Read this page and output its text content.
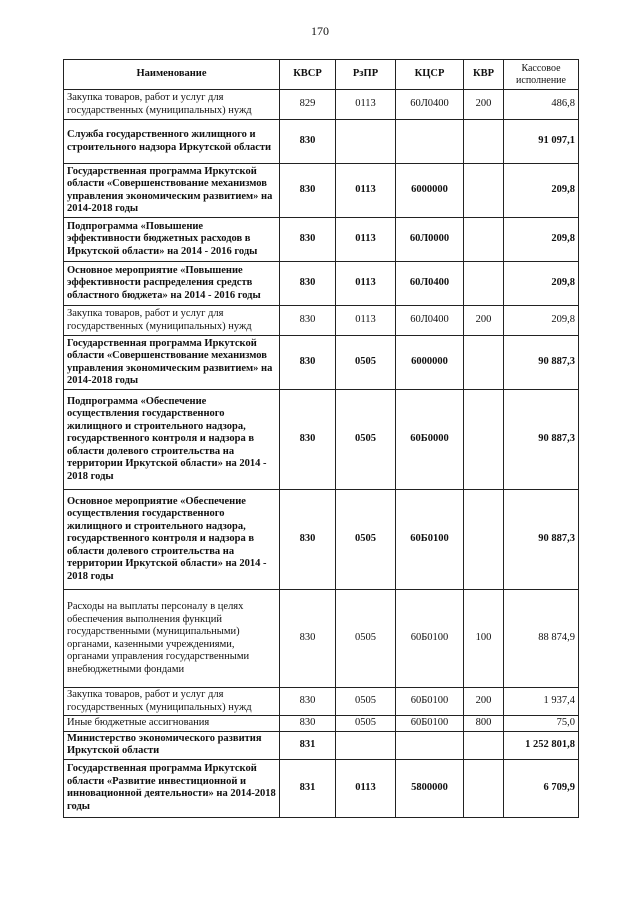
170
Наименование	КВСР	РзПР	КЦСР	КВР	Кассовое исполнение
Закупка товаров, работ и услуг для государственных (муниципальных) нужд	829	0113	60Л0400	200	486,8
Служба государственного жилищного и строительного надзора Иркутской области	830				91 097,1
Государственная программа Иркутской области «Совершенствование механизмов управления экономическим развитием» на 2014-2018 годы	830	0113	6000000		209,8
Подпрограмма «Повышение эффективности бюджетных расходов в Иркутской области» на 2014 - 2016 годы	830	0113	60Л0000		209,8
Основное мероприятие «Повышение эффективности распределения средств областного бюджета» на 2014 - 2016 годы	830	0113	60Л0400		209,8
Закупка товаров, работ и услуг для государственных (муниципальных) нужд	830	0113	60Л0400	200	209,8
Государственная программа Иркутской области «Совершенствование механизмов управления экономическим развитием» на 2014-2018 годы	830	0505	6000000		90 887,3
Подпрограмма «Обеспечение осуществления государственного жилищного и строительного надзора, государственного контроля и надзора в области долевого строительства на территории Иркутской области» на 2014 - 2018 годы	830	0505	60Б0000		90 887,3
Основное мероприятие «Обеспечение осуществления государственного жилищного и строительного надзора, государственного контроля и надзора в области долевого строительства на территории Иркутской области» на 2014 - 2018 годы	830	0505	60Б0100		90 887,3
Расходы на выплаты персоналу в целях обеспечения выполнения функций государственными (муниципальными) органами, казенными учреждениями, органами управления государственными внебюджетными фондами	830	0505	60Б0100	100	88 874,9
Закупка товаров, работ и услуг для государственных (муниципальных) нужд	830	0505	60Б0100	200	1 937,4
Иные бюджетные ассигнования	830	0505	60Б0100	800	75,0
Министерство экономического развития Иркутской области	831				1 252 801,8
Государственная программа Иркутской области «Развитие инвестиционной и инновационной деятельности» на 2014-2018 годы	831	0113	5800000		6 709,9
